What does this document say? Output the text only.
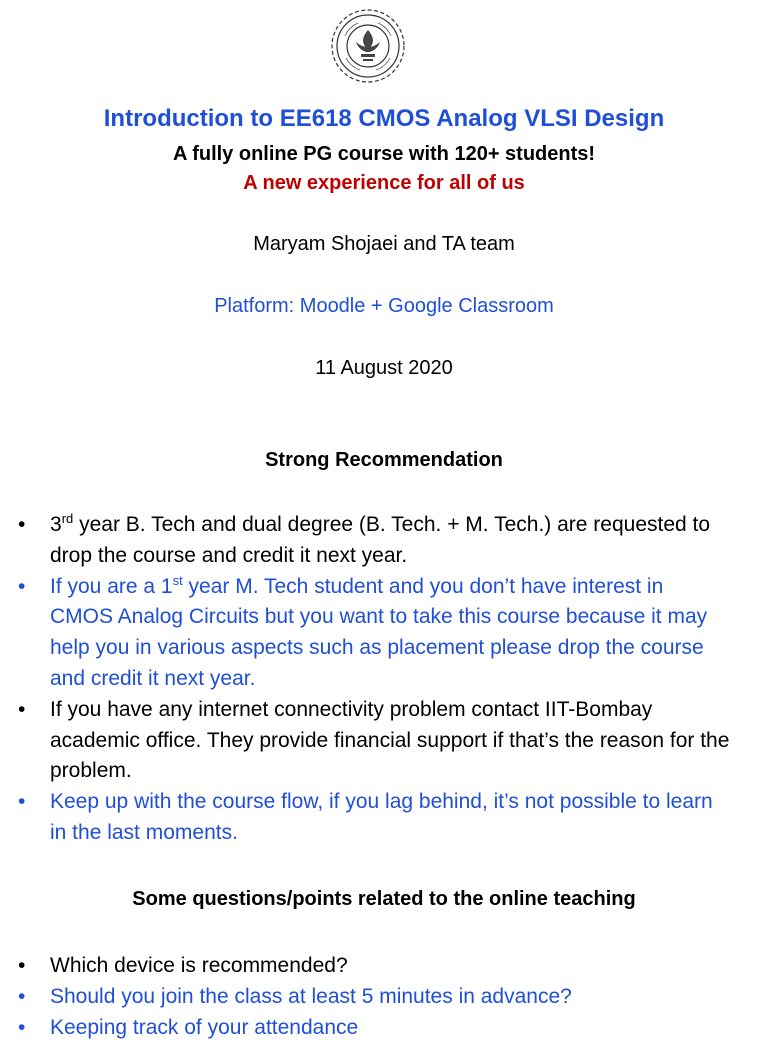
Introduction to EE618 CMOS Analog VLSI Design
A fully online PG course with 120+ students!
A new experience for all of us
Maryam Shojaei and TA team
Platform: Moodle + Google Classroom
11 August 2020
Strong Recommendation
• 3rd year B. Tech and dual degree (B. Tech. + M. Tech.) are requested to drop the course and credit it next year.
• If you are a 1st year M. Tech student and you don’t have interest in CMOS Analog Circuits but you want to take this course because it may help you in various aspects such as placement please drop the course and credit it next year.
• If you have any internet connectivity problem contact IIT-Bombay academic office. They provide financial support if that’s the reason for the problem.
• Keep up with the course flow, if you lag behind, it’s not possible to learn in the last moments.
Some questions/points related to the online teaching
• Which device is recommended?
• Should you join the class at least 5 minutes in advance?
• Keeping track of your attendance
